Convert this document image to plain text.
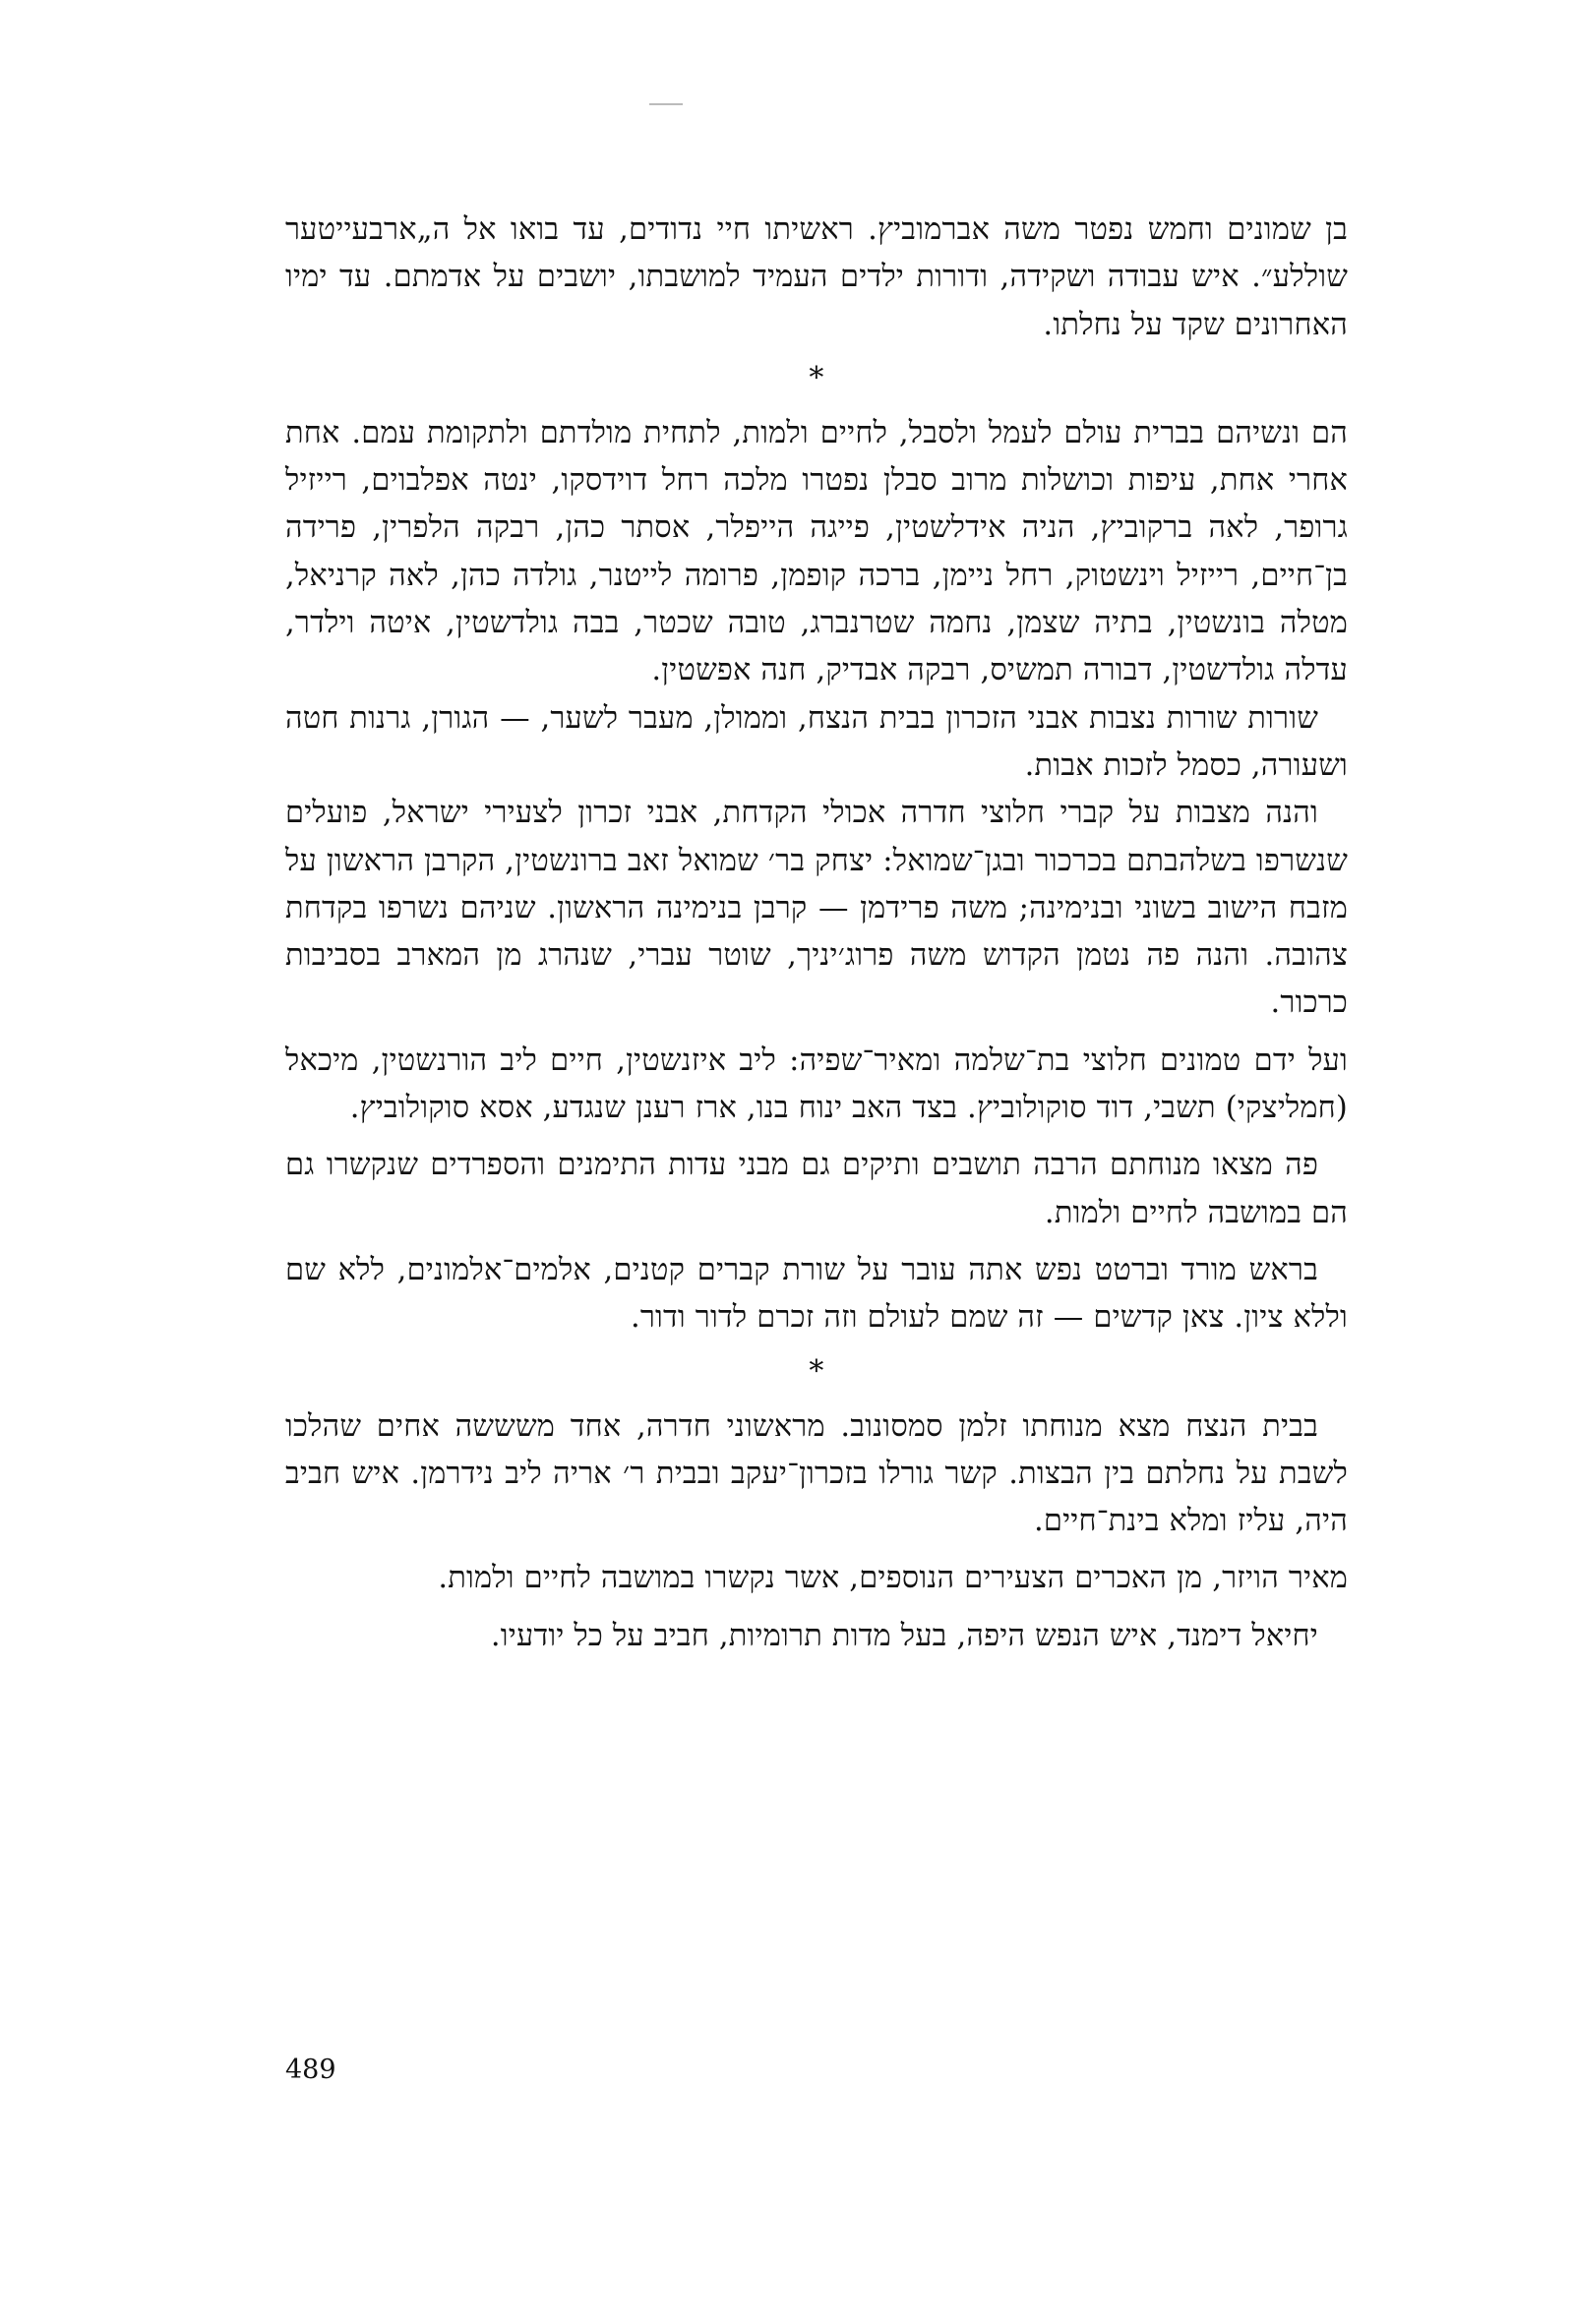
בן שמונים וחמש נפטר משה אברמוביץ. ראשיתו חיי נדודים, עד בואו אל ה„ארבעייטער שוללע״. איש עבודה ושקידה, ודורות ילדים העמיד למושבתו, יושבים על אדמתם. עד ימיו האחרונים שקד על נחלתו.

*

הם ונשיהם בברית עולם לעמל ולסבל, לחיים ולמות, לתחית מולדתם ולתקומת עמם. אחת אחרי אחת, עיפות וכושלות מרוב סבלן נפטרו מלכה רחל דוידסקו, ינטה אפלבוים, רייזיל גרופר, לאה ברקוביץ, הניה אידלשטין, פייגה הייפלר, אסתר כהן, רבקה הלפרין, פרידה בן־חיים, רייזיל וינשטוק, רחל ניימן, ברכה קופמן, פרומה לייטנר, גולדה כהן, לאה קרניאל, מטלה בונשטין, בתיה שצמן, נחמה שטרנברג, טובה שכטר, בבה גולדשטין, איטה וילדר, עדלה גולדשטין, דבורה תמשיס, רבקה אבדיק, חנה אפשטין.

שורות שורות נצבות אבני הזכרון בבית הנצח, וממולן, מעבר לשער, — הגורן, גרנות חטה ושעורה, כסמל לזכות אבות.

והנה מצבות על קברי חלוצי חדרה אכולי הקדחת, אבני זכרון לצעירי ישראל, פועלים שנשרפו בשלהבתם בכרכור ובגן־שמואל: יצחק בר׳ שמואל זאב ברונשטין, הקרבן הראשון על מזבח הישוב בשוני ובנימינה; משה פרידמן — קרבן בנימינה הראשון. שניהם נשרפו בקדחת צהובה. והנה פה נטמן הקדוש משה פרוג׳יניך, שוטר עברי, שנהרג מן המארב בסביבות כרכור.

ועל ידם טמונים חלוצי בת־שלמה ומאיר־שפיה: ליב איזנשטין, חיים ליב הורנשטין, מיכאל (חמליצקי) תשבי, דוד סוקולוביץ. בצד האב ינוח בנו, ארז רענן שנגדע, אסא סוקולוביץ.

פה מצאו מנוחתם הרבה תושבים ותיקים גם מבני עדות התימנים והספרדים שנקשרו גם הם במושבה לחיים ולמות.

בראש מורד וברטט נפש אתה עובר על שורת קברים קטנים, אלמים־אלמונים, ללא שם וללא ציון. צאן קדשים — זה שמם לעולם וזה זכרם לדור ודור.

*

בבית הנצח מצא מנוחתו זלמן סמסונוב. מראשוני חדרה, אחד משששה אחים שהלכו לשבת על נחלתם בין הבצות. קשר גורלו בזכרון־יעקב ובבית ר׳ אריה ליב נידרמן. איש חביב היה, עליז ומלא בינת־חיים.

מאיר הויזר, מן האכרים הצעירים הנוספים, אשר נקשרו במושבה לחיים ולמות.

יחיאל דימנד, איש הנפש היפה, בעל מדות תרומיות, חביב על כל יודעיו.

489
